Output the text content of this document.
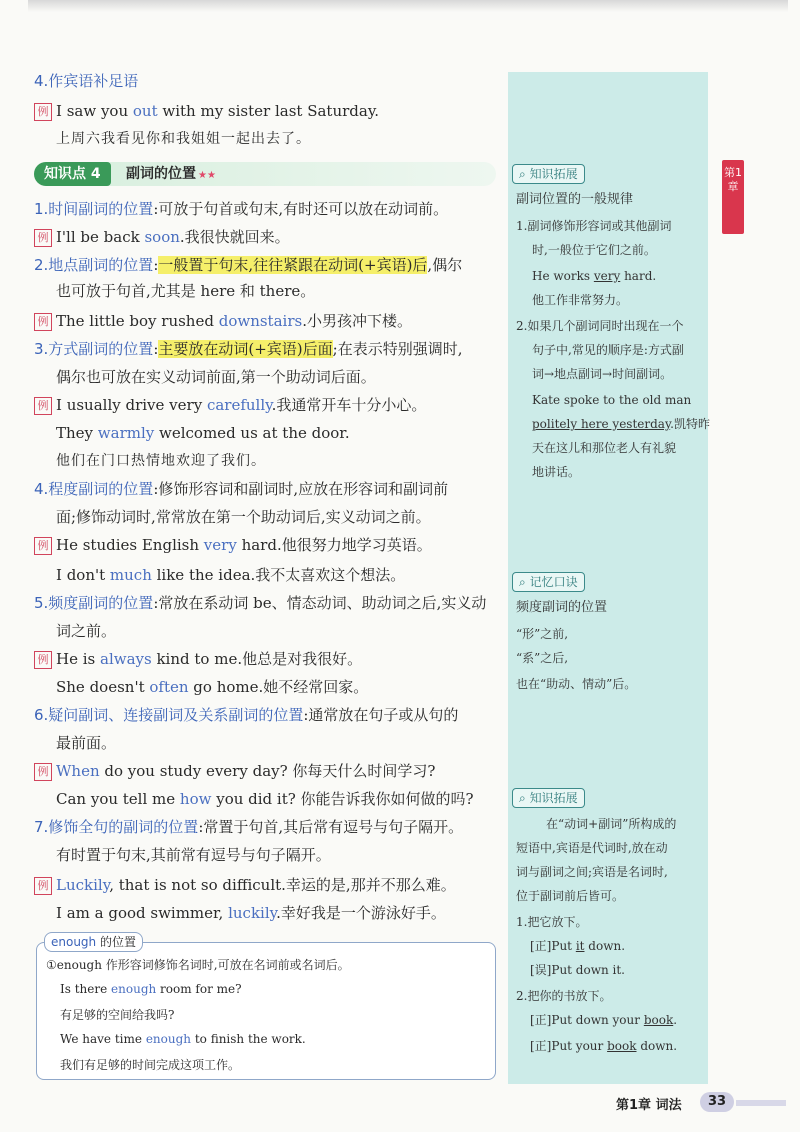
4.作宾语补足语
例 I saw you out with my sister last Saturday.
上周六我看见你和我姐姐一起出去了。
知识点 4	副词的位置 ★★
1.时间副词的位置:可放于句首或句末,有时还可以放在动词前。
例 I'll be back soon.我很快就回来。
2.地点副词的位置:一般置于句末,往往紧跟在动词(+宾语)后,偶尔
也可放于句首,尤其是 here 和 there。
例 The little boy rushed downstairs.小男孩冲下楼。
3.方式副词的位置:主要放在动词(+宾语)后面;在表示特别强调时,
偶尔也可放在实义动词前面,第一个助动词后面。
例 I usually drive very carefully.我通常开车十分小心。
They warmly welcomed us at the door.
他们在门口热情地欢迎了我们。
4.程度副词的位置:修饰形容词和副词时,应放在形容词和副词前
面;修饰动词时,常常放在第一个助动词后,实义动词之前。
例 He studies English very hard.他很努力地学习英语。
I don't much like the idea.我不太喜欢这个想法。
5.频度副词的位置:常放在系动词 be、情态动词、助动词之后,实义动
词之前。
例 He is always kind to me.他总是对我很好。
She doesn't often go home.她不经常回家。
6.疑问副词、连接副词及关系副词的位置:通常放在句子或从句的
最前面。
例 When do you study every day? 你每天什么时间学习?
Can you tell me how you did it? 你能告诉我你如何做的吗?
7.修饰全句的副词的位置:常置于句首,其后常有逗号与句子隔开。
有时置于句末,其前常有逗号与句子隔开。
例 Luckily, that is not so difficult.幸运的是,那并不那么难。
I am a good swimmer, luckily.幸好我是一个游泳好手。
enough 的位置
①enough 作形容词修饰名词时,可放在名词前或名词后。
Is there enough room for me?
有足够的空间给我吗?
We have time enough to finish the work.
我们有足够的时间完成这项工作。
⌕ 知识拓展
副词位置的一般规律
1.副词修饰形容词或其他副词
时,一般位于它们之前。
He works very hard.
他工作非常努力。
2.如果几个副词同时出现在一个
句子中,常见的顺序是:方式副
词→地点副词→时间副词。
Kate spoke to the old man
politely here yesterday.凯特昨
天在这儿和那位老人有礼貌
地讲话。
⌕ 记忆口诀
频度副词的位置
“形”之前,
“系”之后,
也在“助动、情动”后。
⌕ 知识拓展
在“动词+副词”所构成的
短语中,宾语是代词时,放在动
词与副词之间;宾语是名词时,
位于副词前后皆可。
1.把它放下。
[正]Put it down.
[误]Put down it.
2.把你的书放下。
[正]Put down your book.
[正]Put your book down.
第1章
第1章 词法	33
